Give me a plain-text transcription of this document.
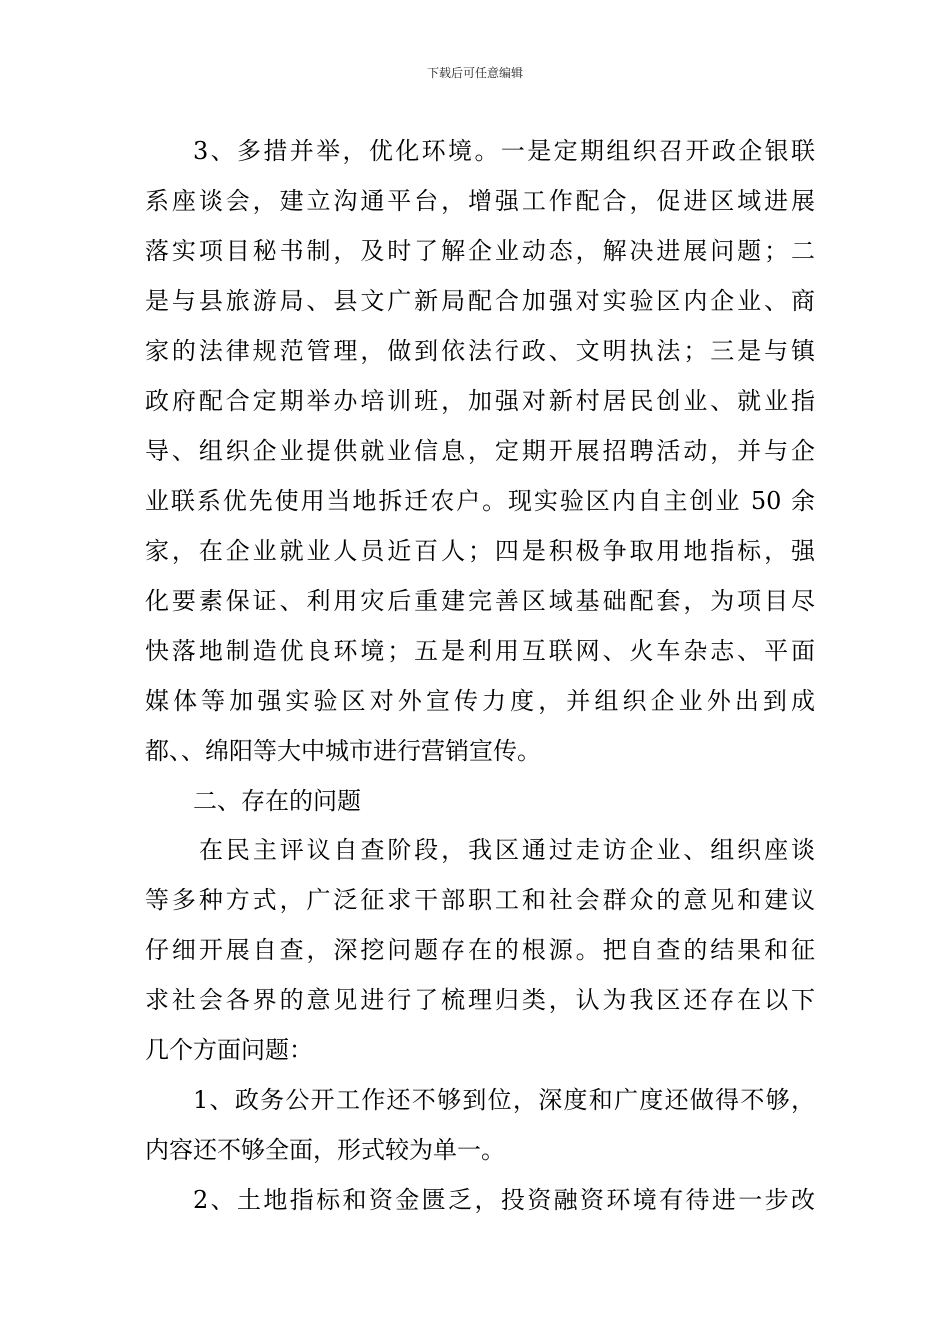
下载后可任意编辑
3、多措并举，优化环境。一是定期组织召开政企银联
系座谈会，建立沟通平台，增强工作配合，促进区域进展
落实项目秘书制，及时了解企业动态，解决进展问题；二
是与县旅游局、县文广新局配合加强对实验区内企业、商
家的法律规范管理，做到依法行政、文明执法；三是与镇
政府配合定期举办培训班，加强对新村居民创业、就业指
导、组织企业提供就业信息，定期开展招聘活动，并与企
业联系优先使用当地拆迁农户。现实验区内自主创业 50 余
家，在企业就业人员近百人；四是积极争取用地指标，强
化要素保证、利用灾后重建完善区域基础配套，为项目尽
快落地制造优良环境；五是利用互联网、火车杂志、平面
媒体等加强实验区对外宣传力度，并组织企业外出到成
都、、绵阳等大中城市进行营销宣传。
二、存在的问题
在民主评议自查阶段，我区通过走访企业、组织座谈
等多种方式，广泛征求干部职工和社会群众的意见和建议
仔细开展自查，深挖问题存在的根源。把自查的结果和征
求社会各界的意见进行了梳理归类，认为我区还存在以下
几个方面问题：
1、政务公开工作还不够到位，深度和广度还做得不够，
内容还不够全面，形式较为单一。
2、土地指标和资金匮乏，投资融资环境有待进一步改
